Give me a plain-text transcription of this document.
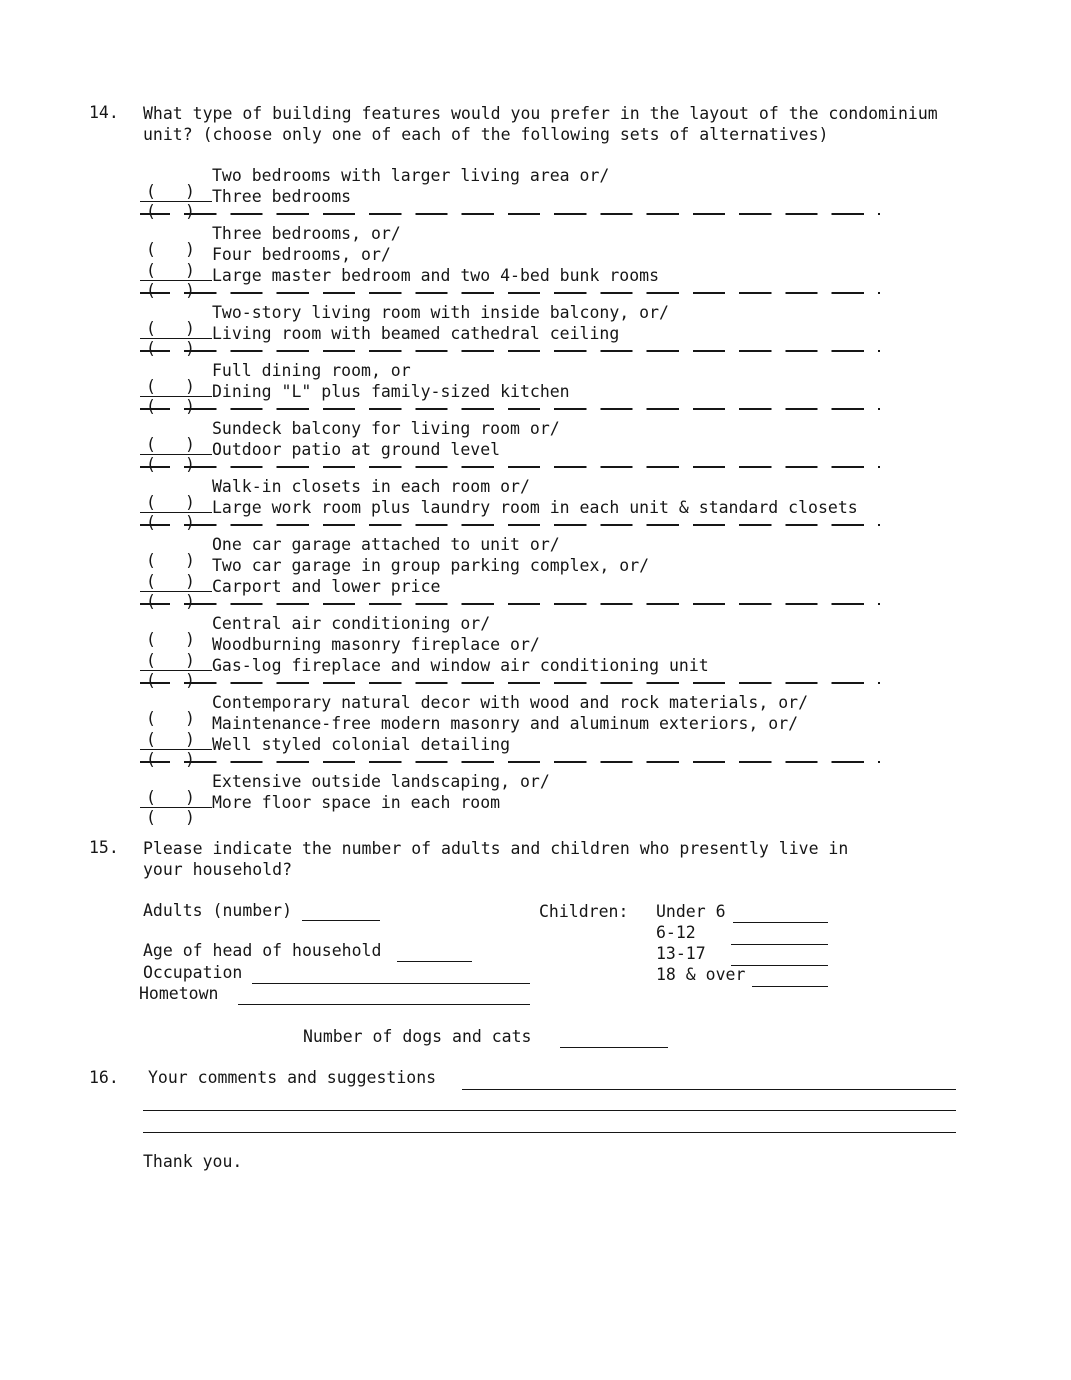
14. What type of building features would you prefer in the layout of the condominium
unit? (choose only one of each of the following sets of alternatives)
( )
Two bedrooms with larger living area or/
( )
Three bedrooms
( )
Three bedrooms, or/
( )
Four bedrooms, or/
( )
Large master bedroom and two 4-bed bunk rooms
( )
Two-story living room with inside balcony, or/
( )
Living room with beamed cathedral ceiling
( )
Full dining room, or
( )
Dining "L" plus family-sized kitchen
( )
Sundeck balcony for living room or/
( )
Outdoor patio at ground level
( )
Walk-in closets in each room or/
( )
Large work room plus laundry room in each unit & standard closets
( )
One car garage attached to unit or/
( )
Two car garage in group parking complex, or/
( )
Carport and lower price
( )
Central air conditioning or/
( )
Woodburning masonry fireplace or/
( )
Gas-log fireplace and window air conditioning unit
( )
Contemporary natural decor with wood and rock materials, or/
( )
Maintenance-free modern masonry and aluminum exteriors, or/
( )
Well styled colonial detailing
( )
Extensive outside landscaping, or/
( )
More floor space in each room
15. Please indicate the number of adults and children who presently live in
your household?
Adults (number)
Age of head of household
Occupation
Hometown
Children: Under 6
6-12
13-17
18 & over
Number of dogs and cats
16. Your comments and suggestions
Thank you.
